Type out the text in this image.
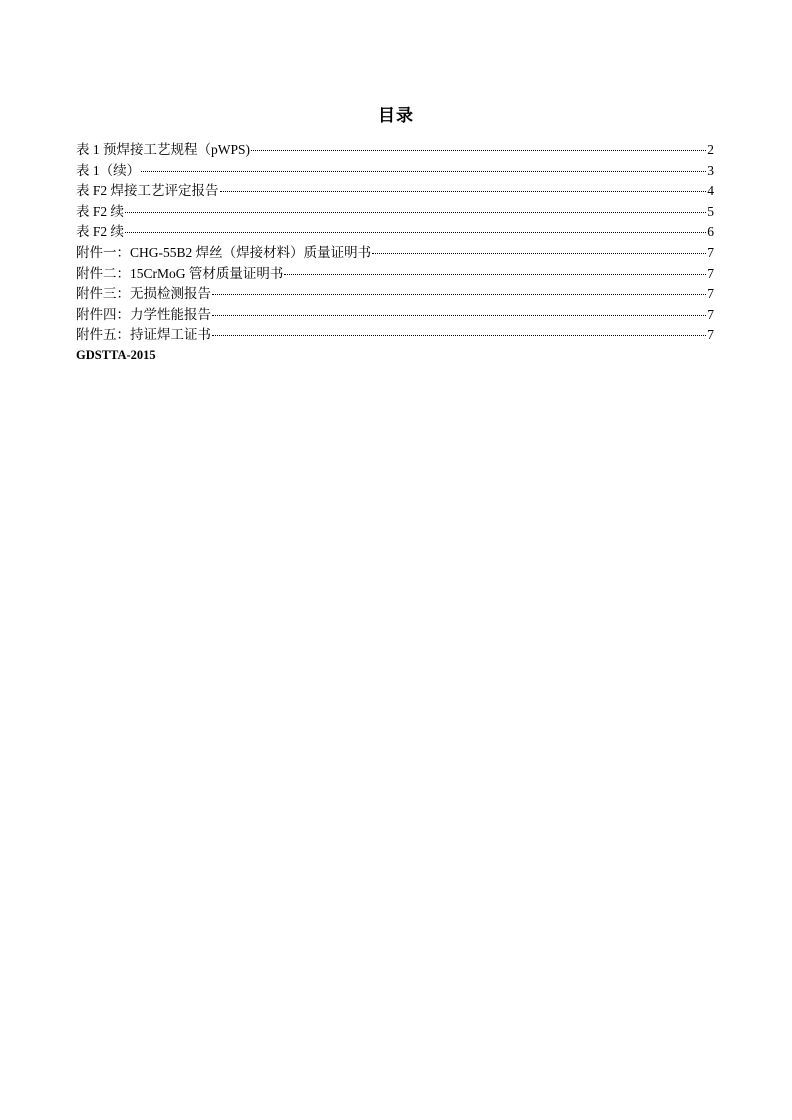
目录
表 1 预焊接工艺规程（pWPS)	2
表 1（续）	3
表 F2 焊接工艺评定报告	4
表 F2 续	5
表 F2 续	6
附件一：CHG-55B2 焊丝（焊接材料）质量证明书	7
附件二：15CrMoG 管材质量证明书	7
附件三：无损检测报告	7
附件四：力学性能报告	7
附件五：持证焊工证书	7
GDSTTA-2015
